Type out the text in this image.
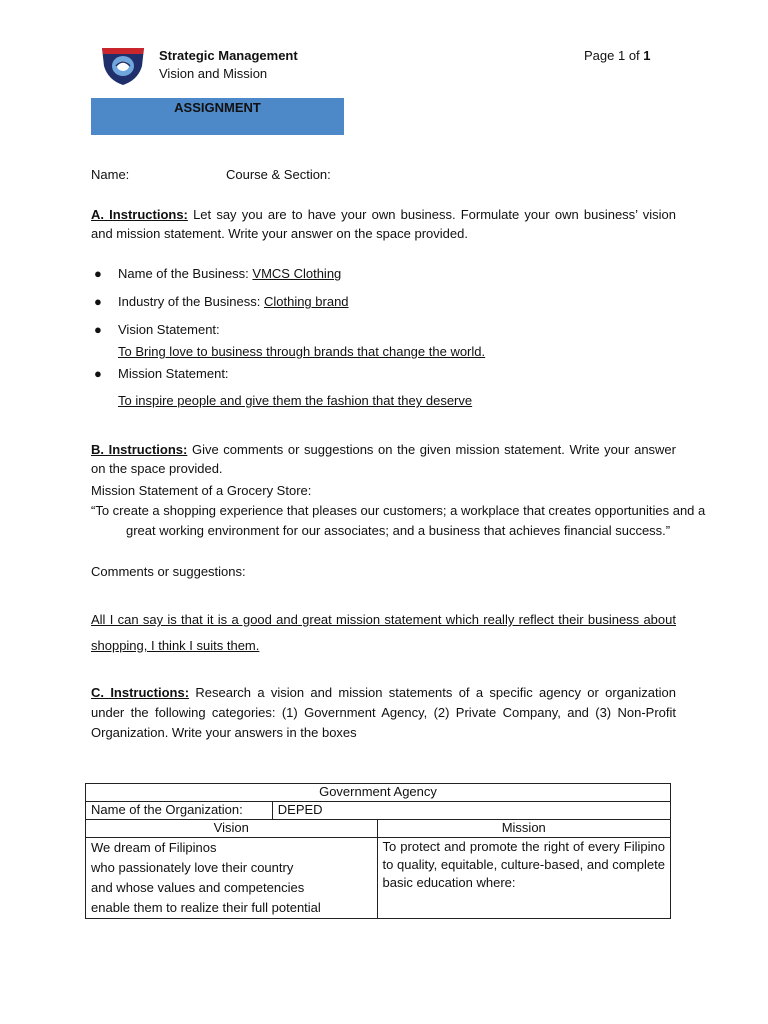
Strategic Management
Vision and Mission
Page 1 of 1
ASSIGNMENT
Name:	Course & Section:
A. Instructions: Let say you are to have your own business. Formulate your own business’ vision and mission statement. Write your answer on the space provided.
● Name of the Business: VMCS Clothing
● Industry of the Business: Clothing brand
● Vision Statement:
To Bring love to business through brands that change the world.
● Mission Statement:
To inspire people and give them the fashion that they deserve
B. Instructions: Give comments or suggestions on the given mission statement. Write your answer on the space provided.
Mission Statement of a Grocery Store:
“To create a shopping experience that pleases our customers; a workplace that creates opportunities and a
great working environment for our associates; and a business that achieves financial success.”
Comments or suggestions:
All I can say is that it is a good and great mission statement which really reflect their business about
shopping, I think I suits them.
C. Instructions: Research a vision and mission statements of a specific agency or organization under the following categories: (1) Government Agency, (2) Private Company, and (3) Non-Profit Organization. Write your answers in the boxes
Government Agency		
Name of the Organization:	DEPED	
Vision		Mission

We dream of Filipinos
who passionately love their country
and whose values and competencies
enable them to realize their full potential		To protect and promote the right of every Filipino to quality, equitable, culture-based, and complete basic education where:
